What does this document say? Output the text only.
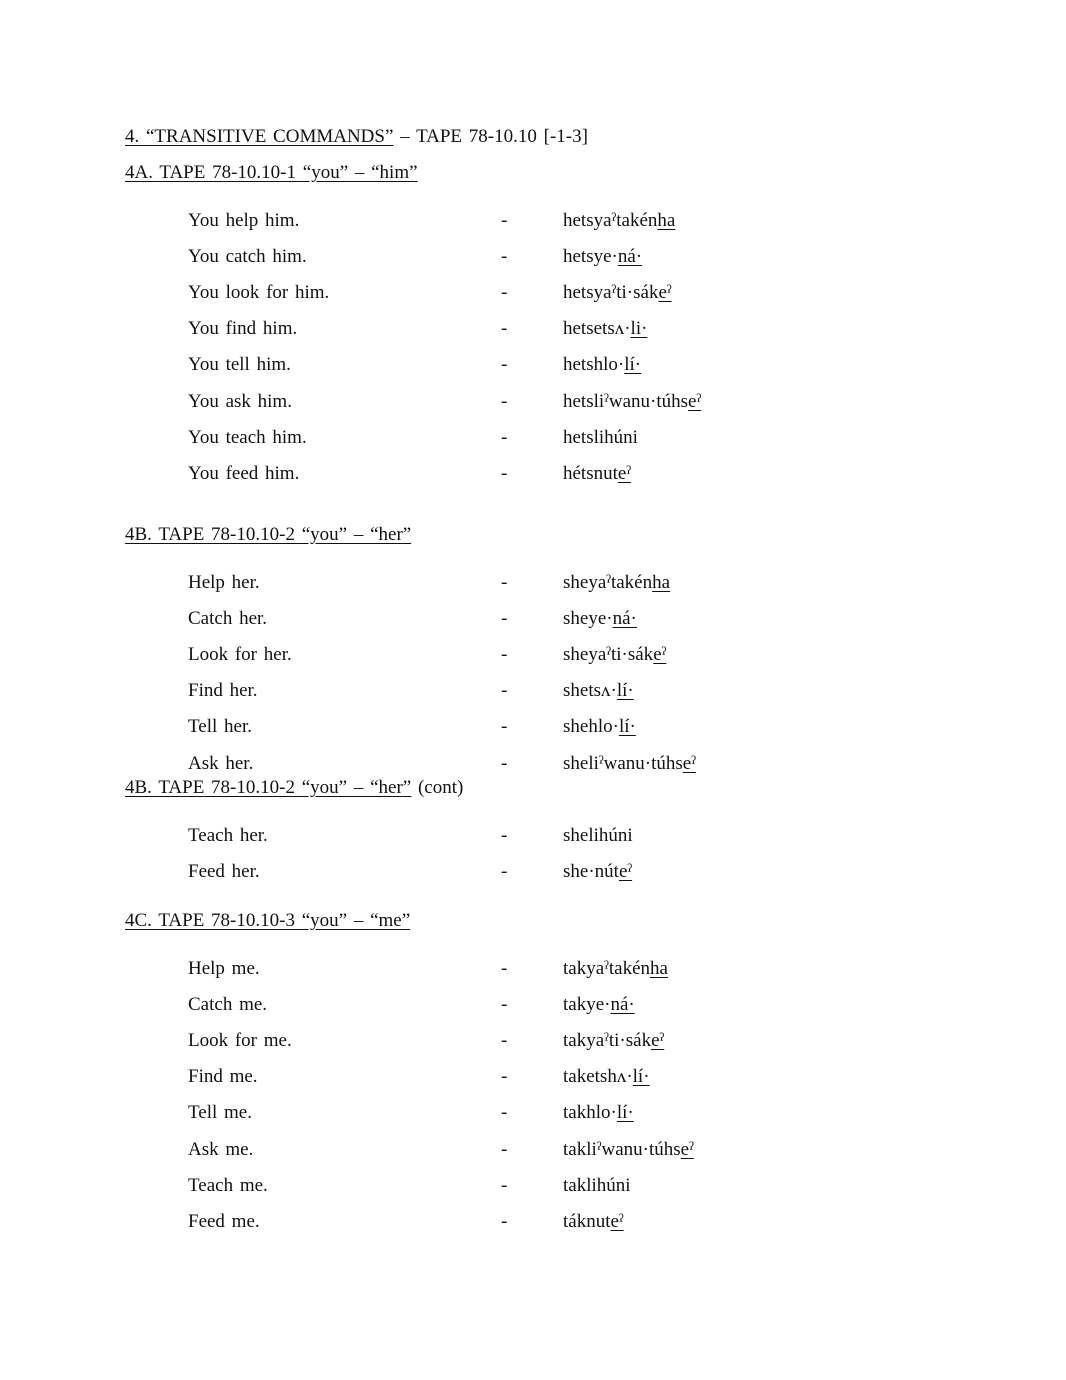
4. “TRANSITIVE COMMANDS” – TAPE 78-10.10 [-1-3]
4A. TAPE 78-10.10-1 “you” – “him”
You help him.	-	hetsyaˀtakénha
You catch him.	-	hetsye·ná·
You look for him.	-	hetsyaˀti·sákeˀ
You find him.	-	hetsetsʌ·li·
You tell him.	-	hetshlo·lí·
You ask him.	-	hetsliˀwanu·túhseˀ
You teach him.	-	hetslihúni
You feed him.	-	hétsnuteˀ
4B. TAPE 78-10.10-2 “you” – “her”
Help her.	-	sheyaˀtakénha
Catch her.	-	sheye·ná·
Look for her.	-	sheyaˀti·sákeˀ
Find her.	-	shetsʌ·lí·
Tell her.	-	shehlo·lí·
Ask her.	-	sheliˀwanu·túhseˀ
4B. TAPE 78-10.10-2 “you” – “her” (cont)
Teach her.	-	shelihúni
Feed her.	-	she·núteˀ
4C. TAPE 78-10.10-3 “you” – “me”
Help me.	-	takyaˀtakénha
Catch me.	-	takye·ná·
Look for me.	-	takyaˀti·sákeˀ
Find me.	-	taketshʌ·lí·
Tell me.	-	takhlo·lí·
Ask me.	-	takliˀwanu·túhseˀ
Teach me.	-	taklihúni
Feed me.	-	táknuteˀ
